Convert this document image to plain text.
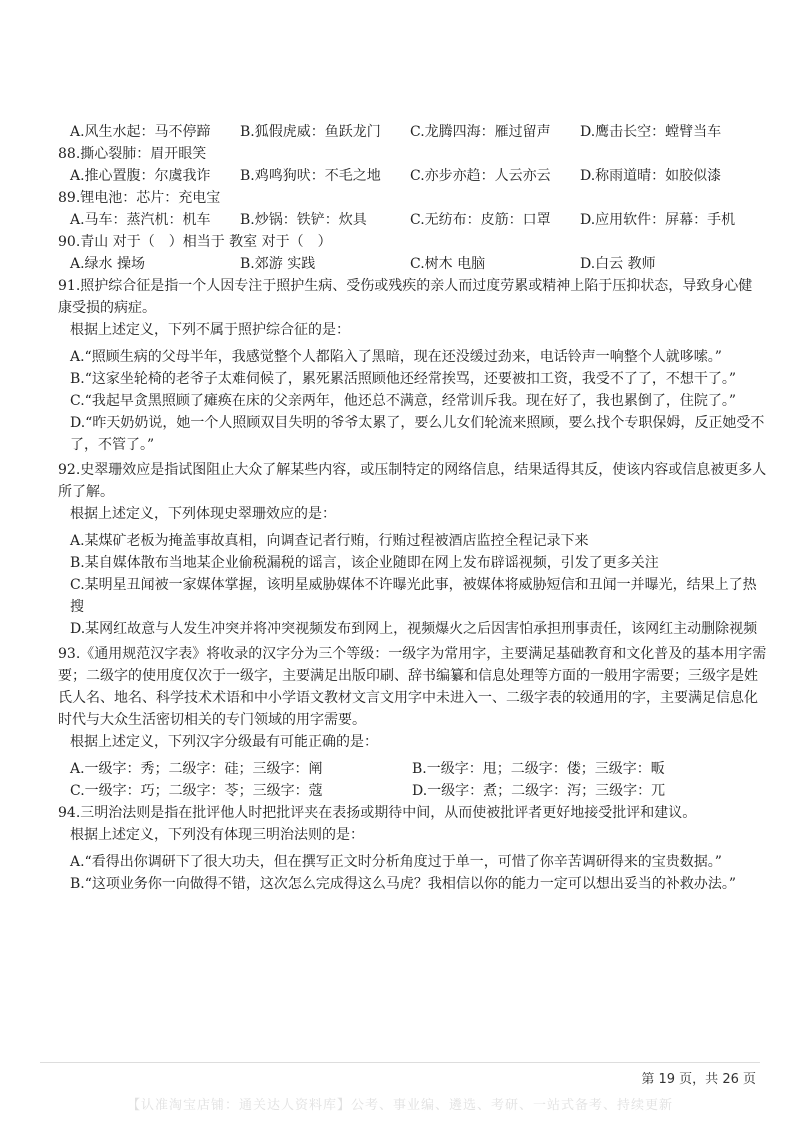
A.风生水起：马不停蹄	B.狐假虎威：鱼跃龙门	C.龙腾四海：雁过留声	D.鹰击长空：螳臂当车
88.撕心裂肺：眉开眼笑
A.推心置腹：尔虞我诈	B.鸡鸣狗吠：不毛之地	C.亦步亦趋：人云亦云	D.称雨道晴：如胶似漆
89.锂电池：芯片：充电宝
A.马车：蒸汽机：机车	B.炒锅：铁铲：炊具	C.无纺布：皮筋：口罩	D.应用软件：屏幕：手机
90.青山 对于（　）相当于 教室 对于（　）
A.绿水 操场	B.郊游 实践	C.树木 电脑	D.白云 教师
91.照护综合征是指一个人因专注于照护生病、受伤或残疾的亲人而过度劳累或精神上陷于压抑状态，导致身心健
康受损的病症。
根据上述定义，下列不属于照护综合征的是：
A.“照顾生病的父母半年，我感觉整个人都陷入了黑暗，现在还没缓过劲来，电话铃声一响整个人就哆嗦。”
B.“这家坐轮椅的老爷子太难伺候了，累死累活照顾他还经常挨骂，还要被扣工资，我受不了了，不想干了。”
C.“我起早贪黑照顾了瘫痪在床的父亲两年，他还总不满意，经常训斥我。现在好了，我也累倒了，住院了。”
D.“昨天奶奶说，她一个人照顾双目失明的爷爷太累了，要么儿女们轮流来照顾，要么找个专职保姆，反正她受不了，不管了。”
92.史翠珊效应是指试图阻止大众了解某些内容，或压制特定的网络信息，结果适得其反，使该内容或信息被更多人所了解。
根据上述定义，下列体现史翠珊效应的是：
A.某煤矿老板为掩盖事故真相，向调查记者行贿，行贿过程被酒店监控全程记录下来
B.某自媒体散布当地某企业偷税漏税的谣言，该企业随即在网上发布辟谣视频，引发了更多关注
C.某明星丑闻被一家媒体掌握，该明星威胁媒体不许曝光此事，被媒体将威胁短信和丑闻一并曝光，结果上了热搜
D.某网红故意与人发生冲突并将冲突视频发布到网上，视频爆火之后因害怕承担刑事责任，该网红主动删除视频
93.《通用规范汉字表》将收录的汉字分为三个等级：一级字为常用字，主要满足基础教育和文化普及的基本用字需要；二级字的使用度仅次于一级字，主要满足出版印刷、辞书编纂和信息处理等方面的一般用字需要；三级字是姓氏人名、地名、科学技术术语和中小学语文教材文言文用字中未进入一、二级字表的较通用的字，主要满足信息化时代与大众生活密切相关的专门领域的用字需要。
根据上述定义，下列汉字分级最有可能正确的是：
A.一级字：秀；二级字：硅；三级字：阐	B.一级字：甩；二级字：偻；三级字：畈
C.一级字：巧；二级字：苓；三级字：蔻	D.一级字：煮；二级字：泻；三级字：兀
94.三明治法则是指在批评他人时把批评夹在表扬或期待中间，从而使被批评者更好地接受批评和建议。
根据上述定义，下列没有体现三明治法则的是：
A.“看得出你调研下了很大功夫，但在撰写正文时分析角度过于单一，可惜了你辛苦调研得来的宝贵数据。”
B.“这项业务你一向做得不错，这次怎么完成得这么马虎？我相信以你的能力一定可以想出妥当的补救办法。”
第 19 页，共 26 页
【认准淘宝店铺：通关达人资料库】公考、事业编、遴选、考研、一站式备考、持续更新
